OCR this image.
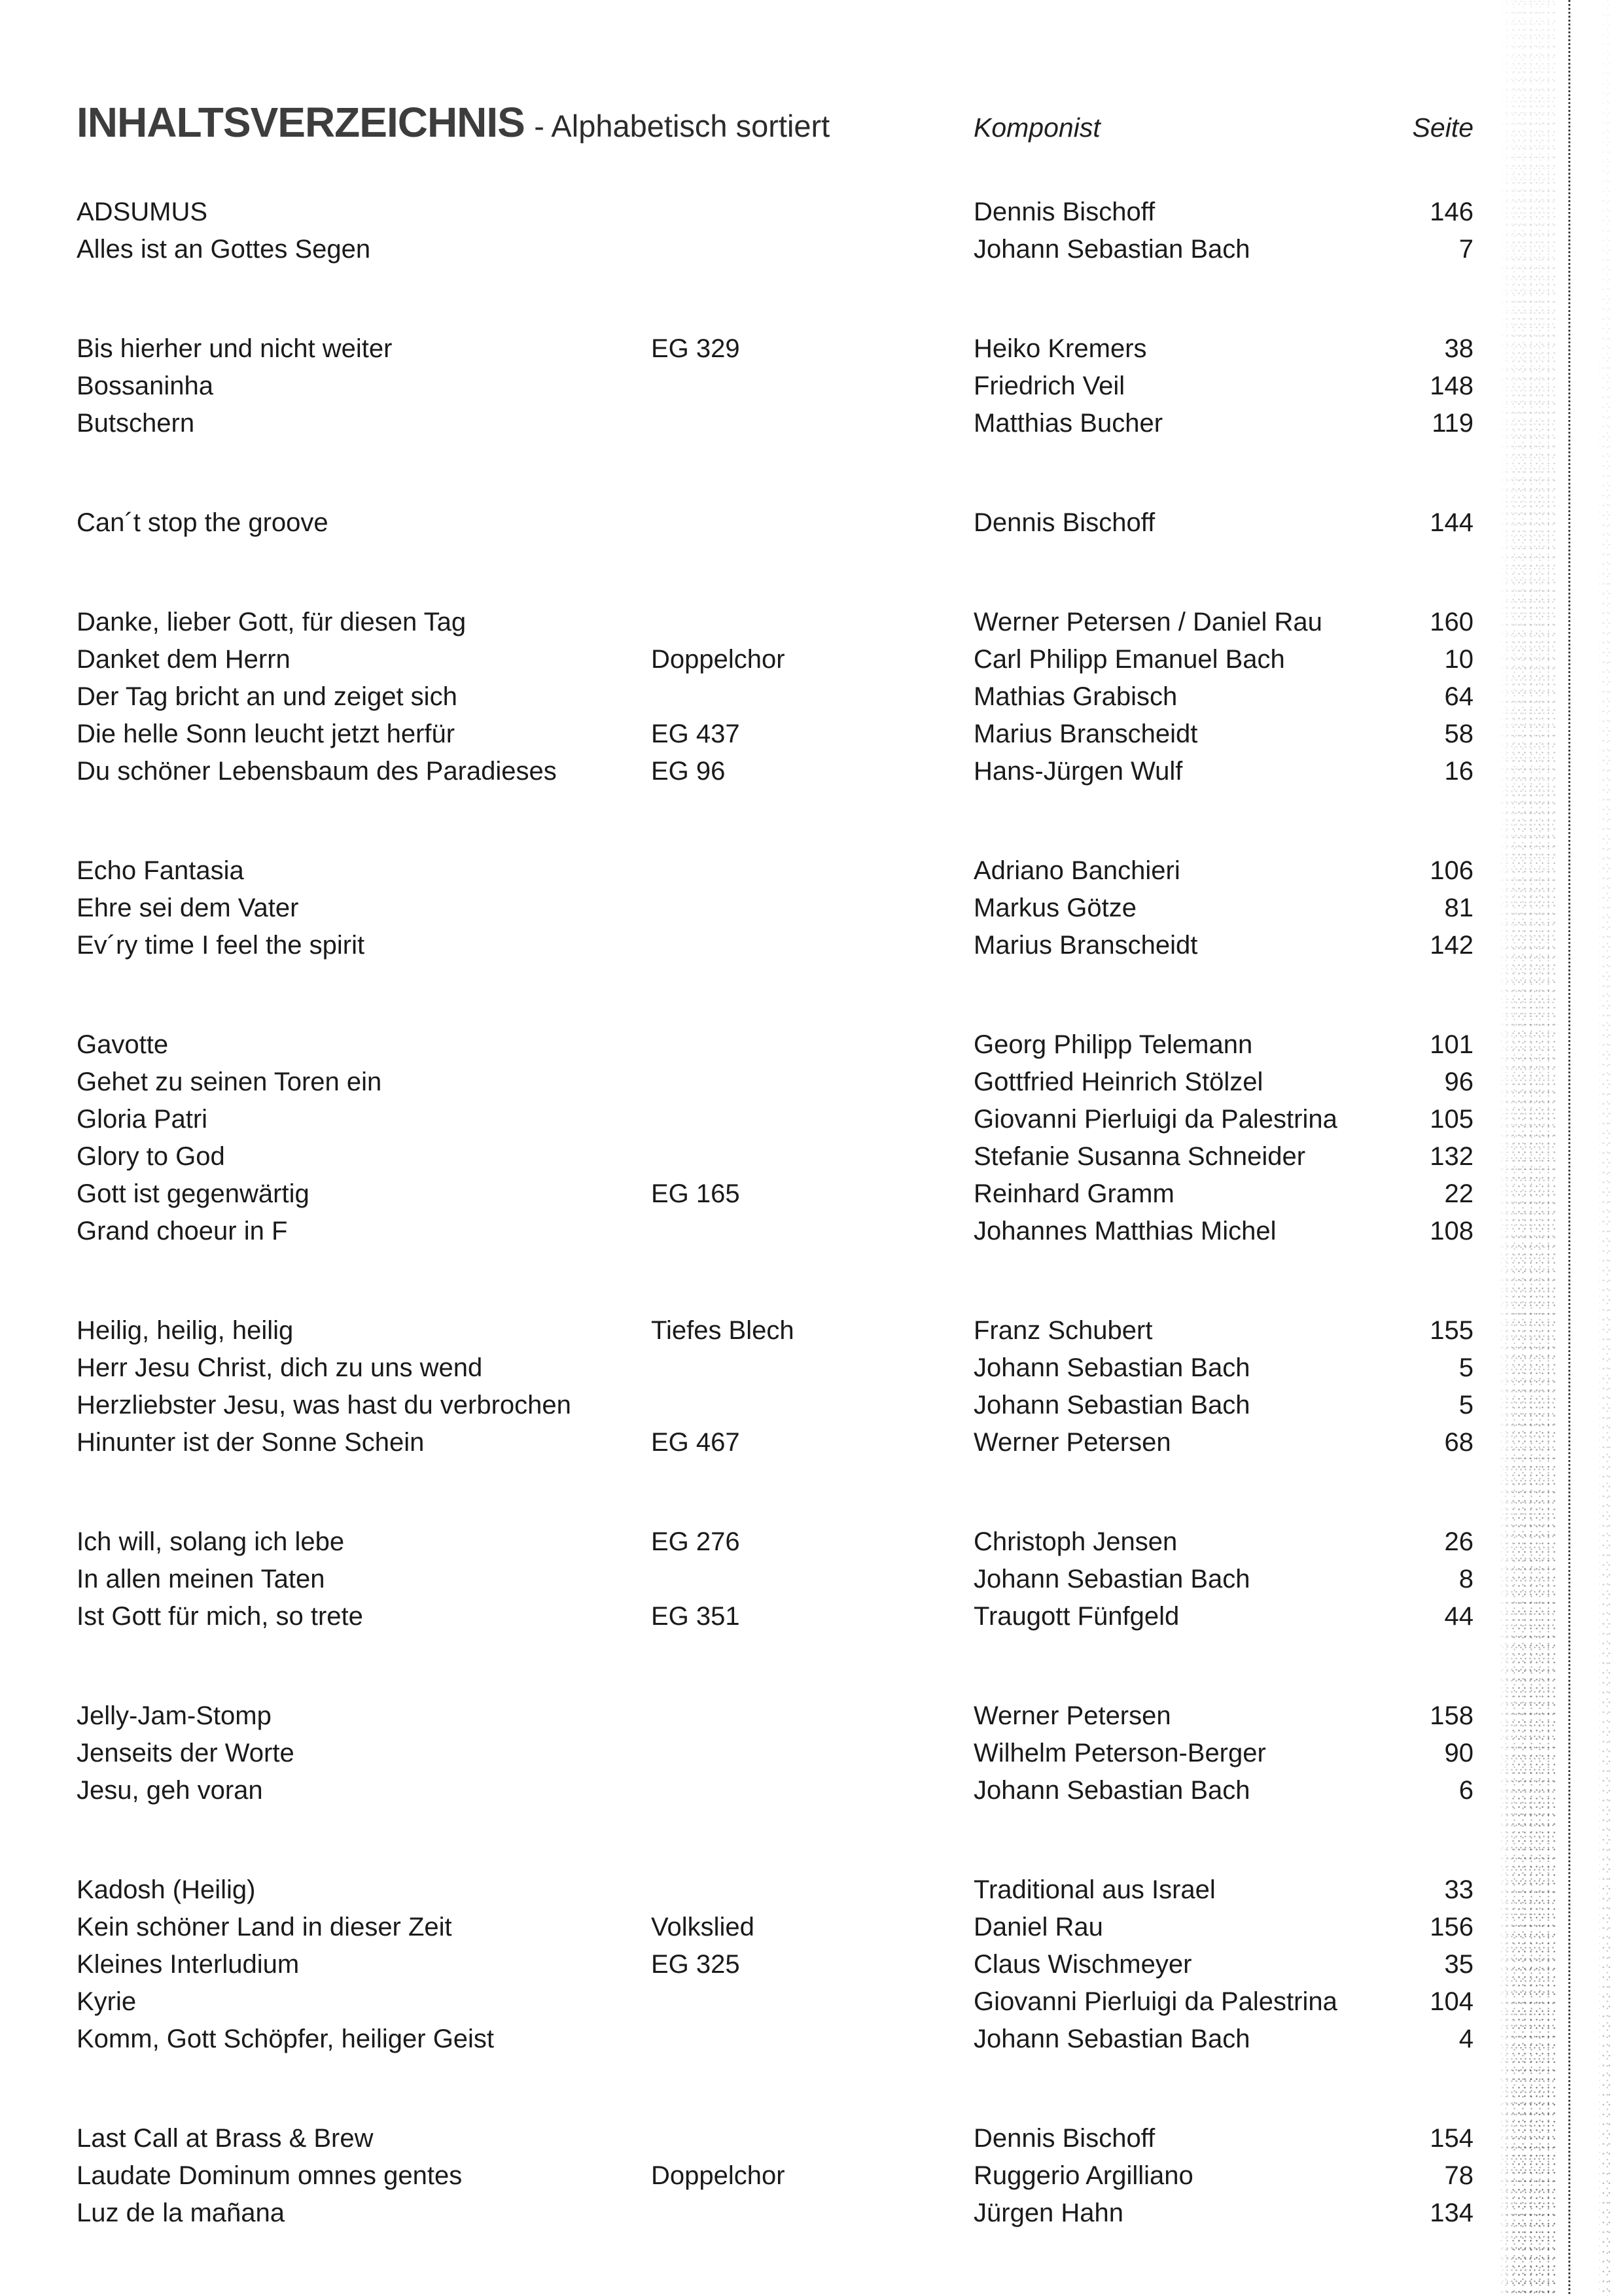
INHALTSVERZEICHNIS - Alphabetisch sortiert	Komponist	Seite
ADSUMUS	Dennis Bischoff	146
Alles ist an Gottes Segen	Johann Sebastian Bach	7
Bis hierher und nicht weiter	EG 329	Heiko Kremers	38
Bossaninha	Friedrich Veil	148
Butschern	Matthias Bucher	119
Can´t stop the groove	Dennis Bischoff	144
Danke, lieber Gott, für diesen Tag	Werner Petersen / Daniel Rau	160
Danket dem Herrn	Doppelchor	Carl Philipp Emanuel Bach	10
Der Tag bricht an und zeiget sich	Mathias Grabisch	64
Die helle Sonn leucht jetzt herfür	EG 437	Marius Branscheidt	58
Du schöner Lebensbaum des Paradieses	EG 96	Hans-Jürgen Wulf	16
Echo Fantasia	Adriano Banchieri	106
Ehre sei dem Vater	Markus Götze	81
Ev´ry time I feel the spirit	Marius Branscheidt	142
Gavotte	Georg Philipp Telemann	101
Gehet zu seinen Toren ein	Gottfried Heinrich Stölzel	96
Gloria Patri	Giovanni Pierluigi da Palestrina	105
Glory to God	Stefanie Susanna Schneider	132
Gott ist gegenwärtig	EG 165	Reinhard Gramm	22
Grand choeur in F	Johannes Matthias Michel	108
Heilig, heilig, heilig	Tiefes Blech	Franz Schubert	155
Herr Jesu Christ, dich zu uns wend	Johann Sebastian Bach	5
Herzliebster Jesu, was hast du verbrochen	Johann Sebastian Bach	5
Hinunter ist der Sonne Schein	EG 467	Werner Petersen	68
Ich will, solang ich lebe	EG 276	Christoph Jensen	26
In allen meinen Taten	Johann Sebastian Bach	8
Ist Gott für mich, so trete	EG 351	Traugott Fünfgeld	44
Jelly-Jam-Stomp	Werner Petersen	158
Jenseits der Worte	Wilhelm Peterson-Berger	90
Jesu, geh voran	Johann Sebastian Bach	6
Kadosh (Heilig)	Traditional aus Israel	33
Kein schöner Land in dieser Zeit	Volkslied	Daniel Rau	156
Kleines Interludium	EG 325	Claus Wischmeyer	35
Kyrie	Giovanni Pierluigi da Palestrina	104
Komm, Gott Schöpfer, heiliger Geist	Johann Sebastian Bach	4
Last Call at Brass & Brew	Dennis Bischoff	154
Laudate Dominum omnes gentes	Doppelchor	Ruggerio Argilliano	78
Luz de la mañana	Jürgen Hahn	134
